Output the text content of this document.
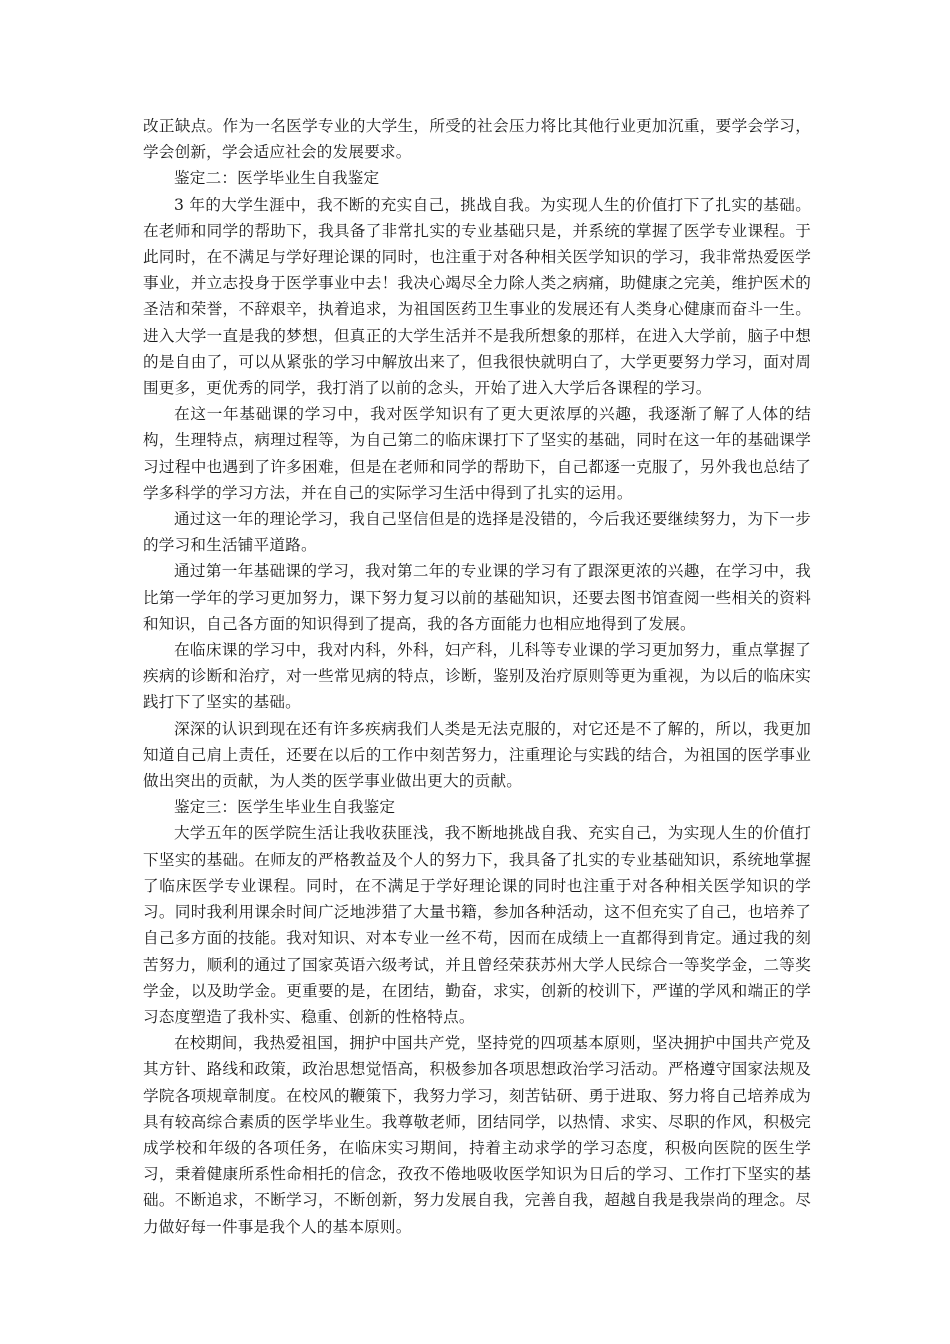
改正缺点。作为一名医学专业的大学生，所受的社会压力将比其他行业更加沉重，要学会学习，学会创新，学会适应社会的发展要求。

鉴定二：医学毕业生自我鉴定

3 年的大学生涯中，我不断的充实自己，挑战自我。为实现人生的价值打下了扎实的基础。在老师和同学的帮助下，我具备了非常扎实的专业基础只是，并系统的掌握了医学专业课程。于此同时，在不满足与学好理论课的同时，也注重于对各种相关医学知识的学习，我非常热爱医学事业，并立志投身于医学事业中去！我决心竭尽全力除人类之病痛，助健康之完美，维护医术的圣洁和荣誉，不辞艰辛，执着追求，为祖国医药卫生事业的发展还有人类身心健康而奋斗一生。进入大学一直是我的梦想，但真正的大学生活并不是我所想象的那样，在进入大学前，脑子中想的是自由了，可以从紧张的学习中解放出来了，但我很快就明白了，大学更要努力学习，面对周围更多，更优秀的同学，我打消了以前的念头，开始了进入大学后各课程的学习。

在这一年基础课的学习中，我对医学知识有了更大更浓厚的兴趣，我逐渐了解了人体的结构，生理特点，病理过程等，为自己第二的临床课打下了坚实的基础，同时在这一年的基础课学习过程中也遇到了许多困难，但是在老师和同学的帮助下，自己都逐一克服了，另外我也总结了学多科学的学习方法，并在自己的实际学习生活中得到了扎实的运用。

通过这一年的理论学习，我自己坚信但是的选择是没错的，今后我还要继续努力，为下一步的学习和生活铺平道路。

通过第一年基础课的学习，我对第二年的专业课的学习有了跟深更浓的兴趣，在学习中，我比第一学年的学习更加努力，课下努力复习以前的基础知识，还要去图书馆查阅一些相关的资料和知识，自己各方面的知识得到了提高，我的各方面能力也相应地得到了发展。

在临床课的学习中，我对内科，外科，妇产科，儿科等专业课的学习更加努力，重点掌握了疾病的诊断和治疗，对一些常见病的特点，诊断，鉴别及治疗原则等更为重视，为以后的临床实践打下了坚实的基础。

深深的认识到现在还有许多疾病我们人类是无法克服的，对它还是不了解的，所以，我更加知道自己肩上责任，还要在以后的工作中刻苦努力，注重理论与实践的结合，为祖国的医学事业做出突出的贡献，为人类的医学事业做出更大的贡献。

鉴定三：医学生毕业生自我鉴定

大学五年的医学院生活让我收获匪浅，我不断地挑战自我、充实自己，为实现人生的价值打下坚实的基础。在师友的严格教益及个人的努力下，我具备了扎实的专业基础知识，系统地掌握了临床医学专业课程。同时，在不满足于学好理论课的同时也注重于对各种相关医学知识的学习。同时我利用课余时间广泛地涉猎了大量书籍，参加各种活动，这不但充实了自己，也培养了自己多方面的技能。我对知识、对本专业一丝不苟，因而在成绩上一直都得到肯定。通过我的刻苦努力，顺利的通过了国家英语六级考试，并且曾经荣获苏州大学人民综合一等奖学金，二等奖学金，以及助学金。更重要的是，在团结，勤奋，求实，创新的校训下，严谨的学风和端正的学习态度塑造了我朴实、稳重、创新的性格特点。

在校期间，我热爱祖国，拥护中国共产党，坚持党的四项基本原则，坚决拥护中国共产党及其方针、路线和政策，政治思想觉悟高，积极参加各项思想政治学习活动。严格遵守国家法规及学院各项规章制度。在校风的鞭策下，我努力学习，刻苦钻研、勇于进取、努力将自己培养成为具有较高综合素质的医学毕业生。我尊敬老师，团结同学，以热情、求实、尽职的作风，积极完成学校和年级的各项任务，在临床实习期间，持着主动求学的学习态度，积极向医院的医生学习，秉着健康所系性命相托的信念，孜孜不倦地吸收医学知识为日后的学习、工作打下坚实的基础。不断追求，不断学习，不断创新，努力发展自我，完善自我，超越自我是我崇尚的理念。尽力做好每一件事是我个人的基本原则。
